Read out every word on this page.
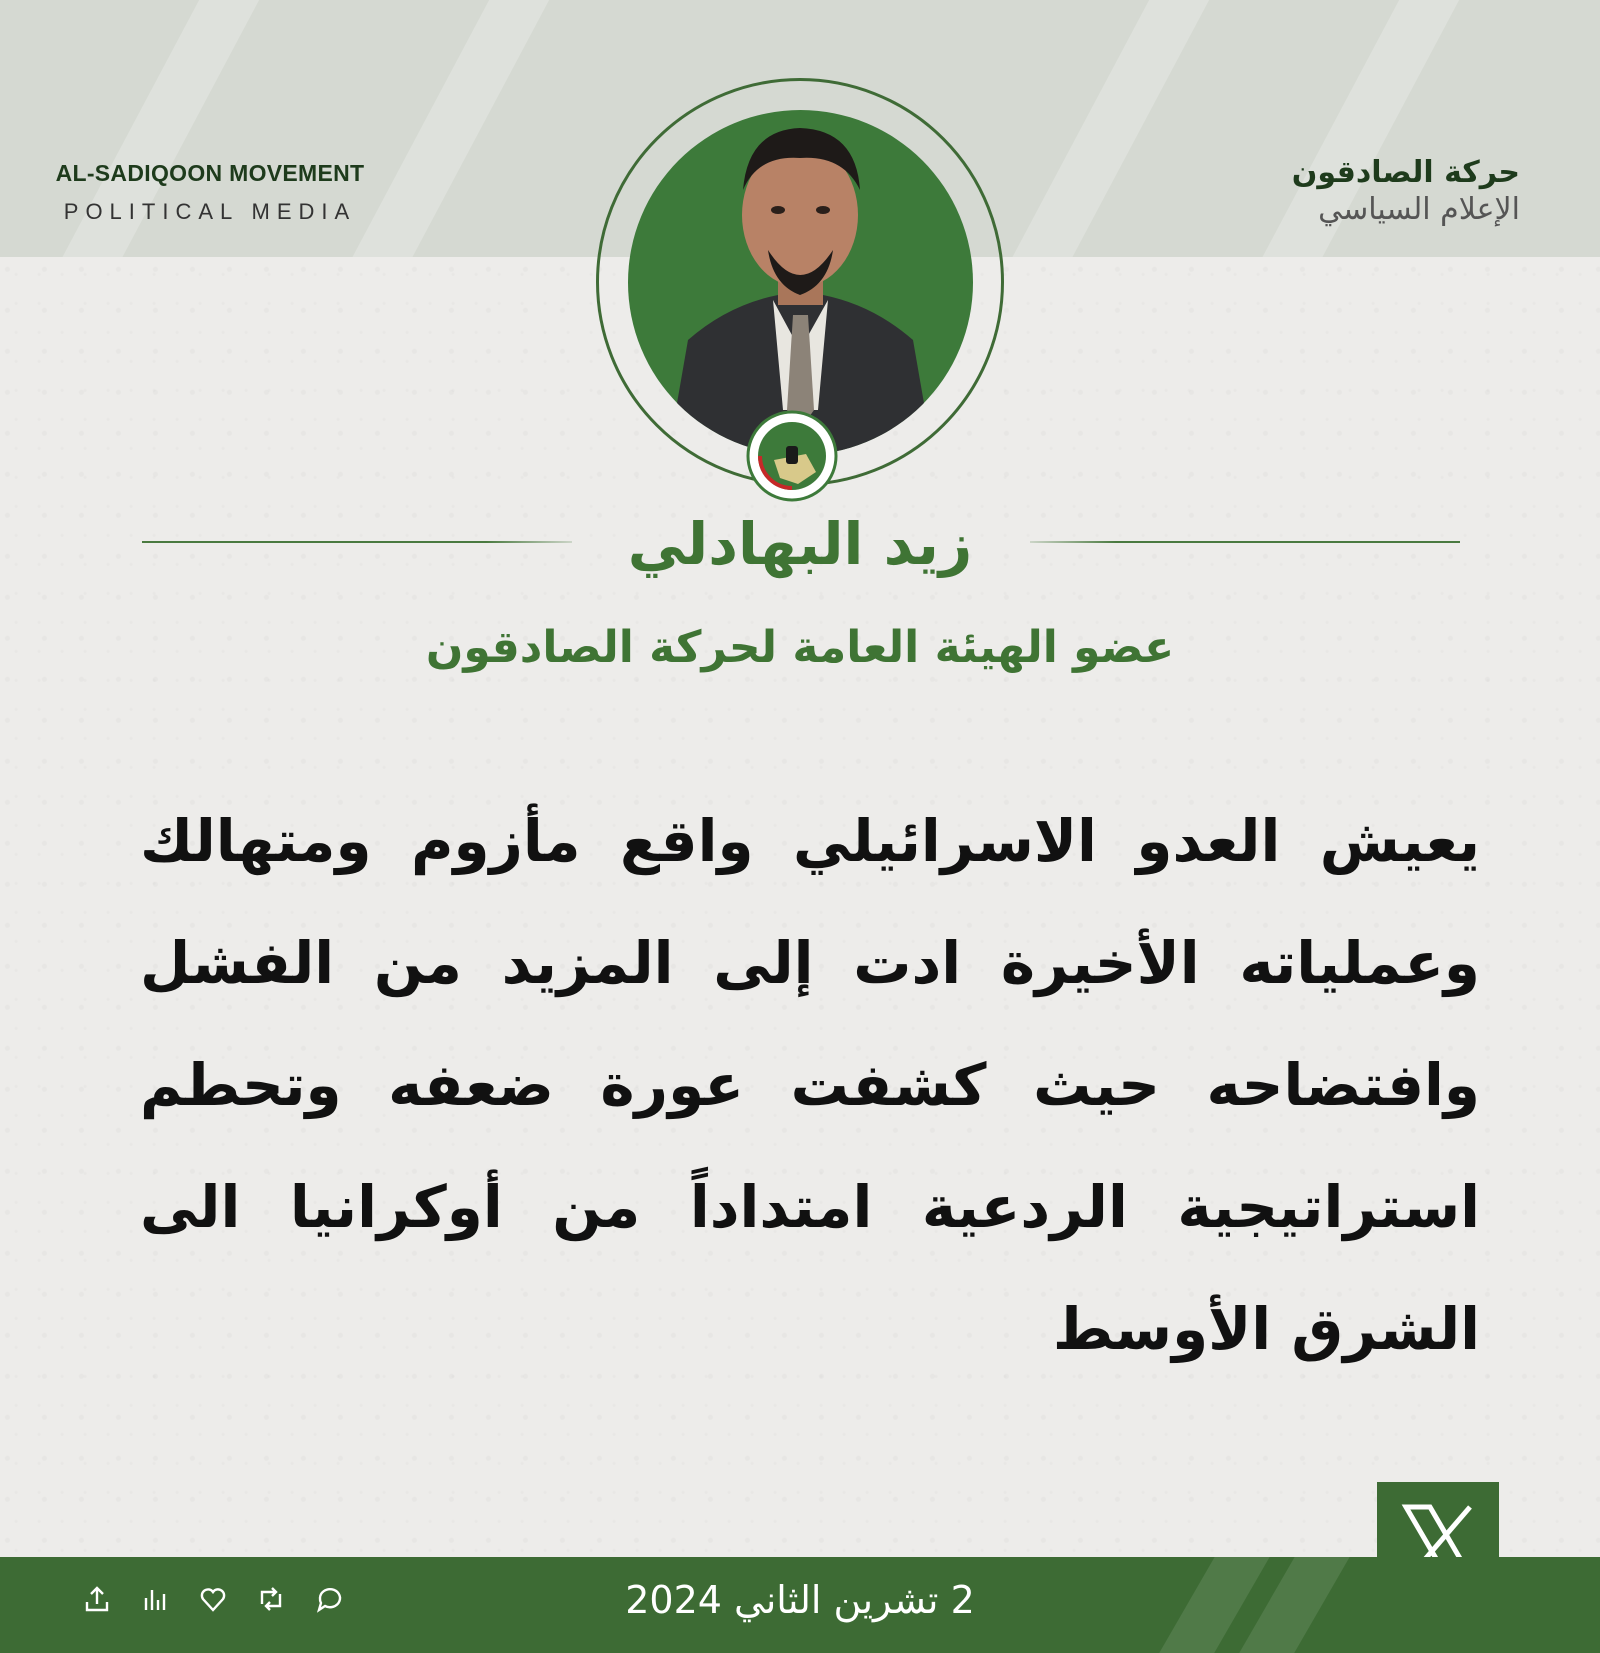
AL-SADIQOON MOVEMENT
POLITICAL MEDIA
حركة الصادقون
الإعلام السياسي
زيد البهادلي
عضو الهيئة العامة لحركة الصادقون
يعيش العدو الاسرائيلي واقع مأزوم ومتهالك وعملياته الأخيرة ادت إلى المزيد من الفشل وافتضاحه حيث كشفت عورة ضعفه وتحطم استراتيجية الردعية امتداداً من أوكرانيا الى الشرق الأوسط
2 تشرين الثاني 2024
